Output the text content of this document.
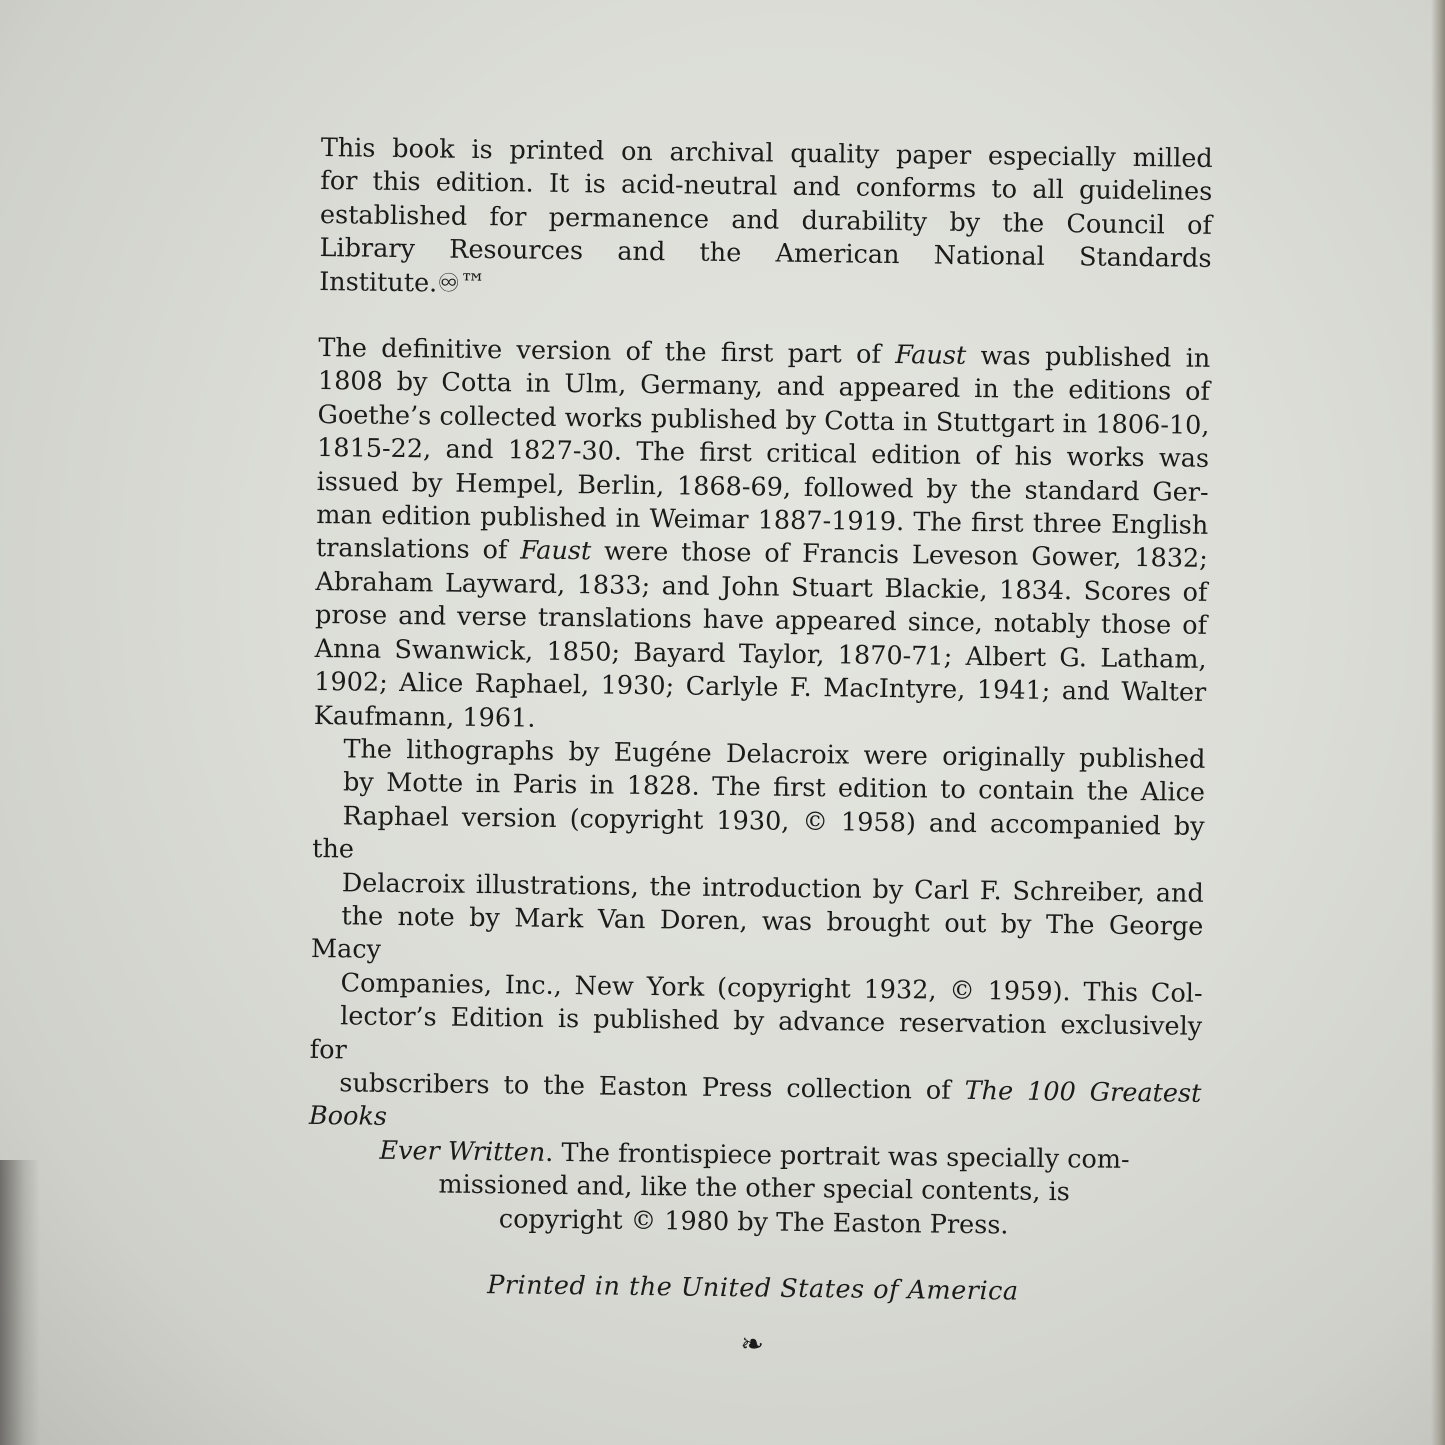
This book is printed on archival quality paper especially milled
for this edition. It is acid-neutral and conforms to all guidelines
established for permanence and durability by the Council of
Library Resources and the American National Standards
Institute.♾™

The definitive version of the first part of Faust was published in
1808 by Cotta in Ulm, Germany, and appeared in the editions of
Goethe’s collected works published by Cotta in Stuttgart in 1806-10,
1815-22, and 1827-30. The first critical edition of his works was
issued by Hempel, Berlin, 1868-69, followed by the standard Ger-
man edition published in Weimar 1887-1919. The first three English
translations of Faust were those of Francis Leveson Gower, 1832;
Abraham Layward, 1833; and John Stuart Blackie, 1834. Scores of
prose and verse translations have appeared since, notably those of
Anna Swanwick, 1850; Bayard Taylor, 1870-71; Albert G. Latham,
1902; Alice Raphael, 1930; Carlyle F. MacIntyre, 1941; and Walter
Kaufmann, 1961.

The lithographs by Eugéne Delacroix were originally published
by Motte in Paris in 1828. The first edition to contain the Alice
Raphael version (copyright 1930, © 1958) and accompanied by the
Delacroix illustrations, the introduction by Carl F. Schreiber, and
the note by Mark Van Doren, was brought out by The George Macy
Companies, Inc., New York (copyright 1932, © 1959). This Col-
lector’s Edition is published by advance reservation exclusively for
subscribers to the Easton Press collection of The 100 Greatest Books

Ever Written. The frontispiece portrait was specially com-
missioned and, like the other special contents, is
copyright © 1980 by The Easton Press.
Printed in the United States of America
❧
